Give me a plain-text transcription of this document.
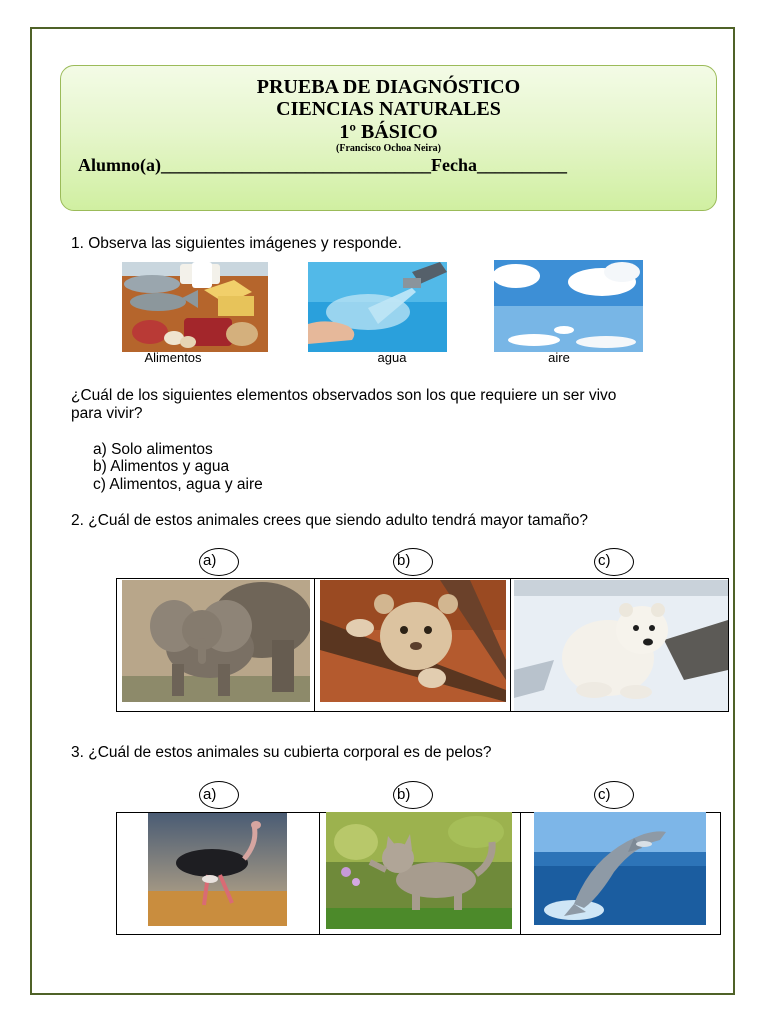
PRUEBA DE DIAGNÓSTICO
CIENCIAS NATURALES
1º BÁSICO
(Francisco Ochoa Neira)
Alumno(a)______________________________Fecha__________
1. Observa las siguientes imágenes y responde.
Alimentos	agua	aire
¿Cuál de los siguientes elementos observados son los que requiere un ser vivo
para vivir?
a) Solo alimentos
b) Alimentos y agua
c) Alimentos, agua y aire
2. ¿Cuál de estos animales crees que siendo adulto tendrá mayor tamaño?
a)	b)	c)
3. ¿Cuál de estos animales su cubierta corporal es de pelos?
a)	b)	c)
